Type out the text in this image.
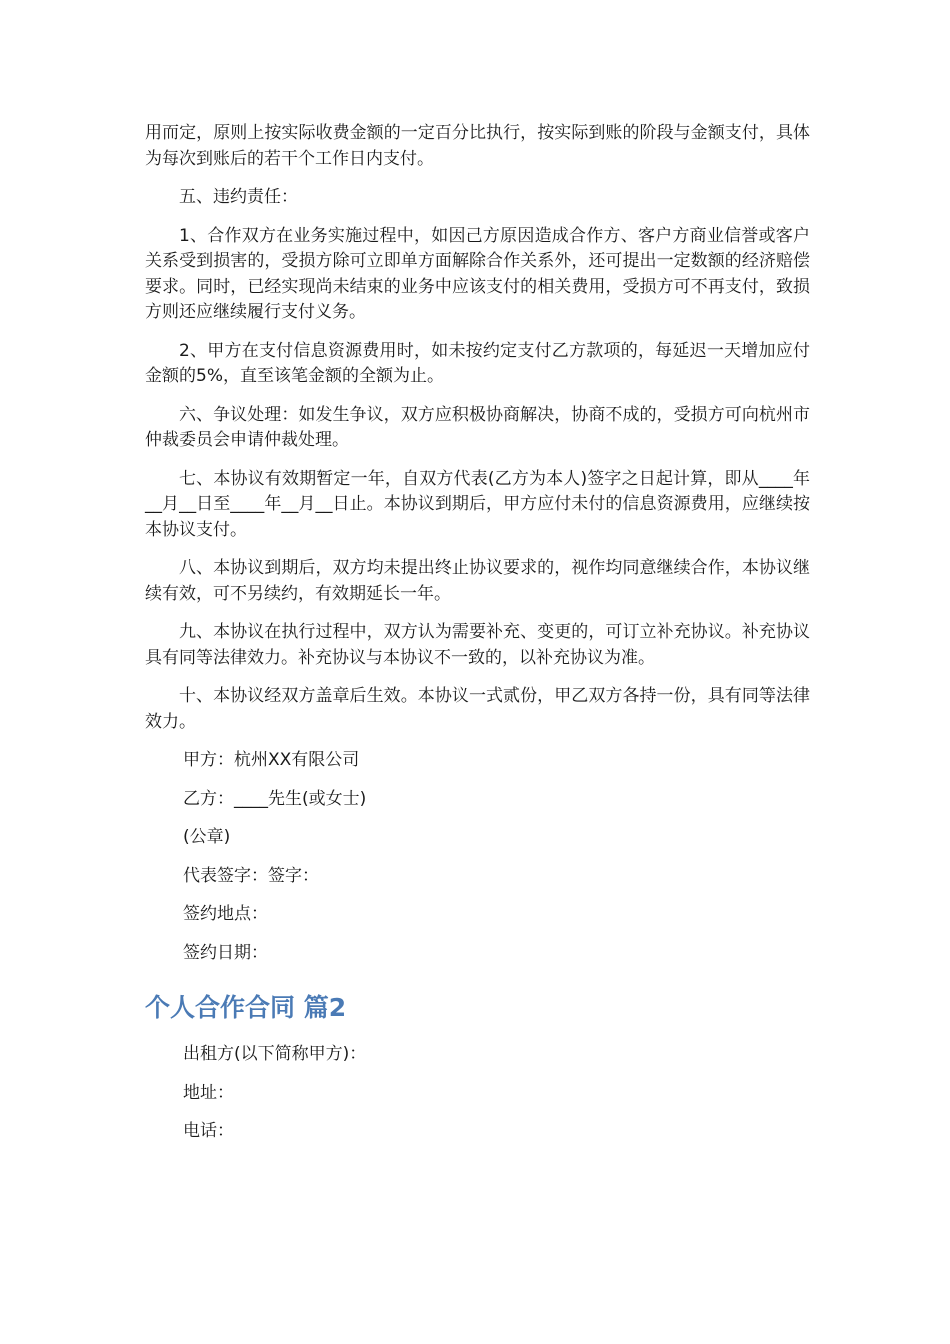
用而定，原则上按实际收费金额的一定百分比执行，按实际到账的阶段与金额支付，具体为每次到账后的若干个工作日内支付。

五、违约责任：

1、合作双方在业务实施过程中，如因己方原因造成合作方、客户方商业信誉或客户关系受到损害的，受损方除可立即单方面解除合作关系外，还可提出一定数额的经济赔偿要求。同时，已经实现尚未结束的业务中应该支付的相关费用，受损方可不再支付，致损方则还应继续履行支付义务。

2、甲方在支付信息资源费用时，如未按约定支付乙方款项的，每延迟一天增加应付金额的5%，直至该笔金额的全额为止。

六、争议处理：如发生争议，双方应积极协商解决，协商不成的，受损方可向杭州市仲裁委员会申请仲裁处理。

七、本协议有效期暂定一年，自双方代表(乙方为本人)签字之日起计算，即从____年__月__日至____年__月__日止。本协议到期后，甲方应付未付的信息资源费用，应继续按本协议支付。

八、本协议到期后，双方均未提出终止协议要求的，视作均同意继续合作，本协议继续有效，可不另续约，有效期延长一年。

九、本协议在执行过程中，双方认为需要补充、变更的，可订立补充协议。补充协议具有同等法律效力。补充协议与本协议不一致的，以补充协议为准。

十、本协议经双方盖章后生效。本协议一式贰份，甲乙双方各持一份，具有同等法律效力。

甲方：杭州XX有限公司

乙方：____先生(或女士)

(公章)

代表签字：签字：

签约地点：

签约日期：

个人合作合同 篇2

出租方(以下简称甲方)：

地址：

电话：
